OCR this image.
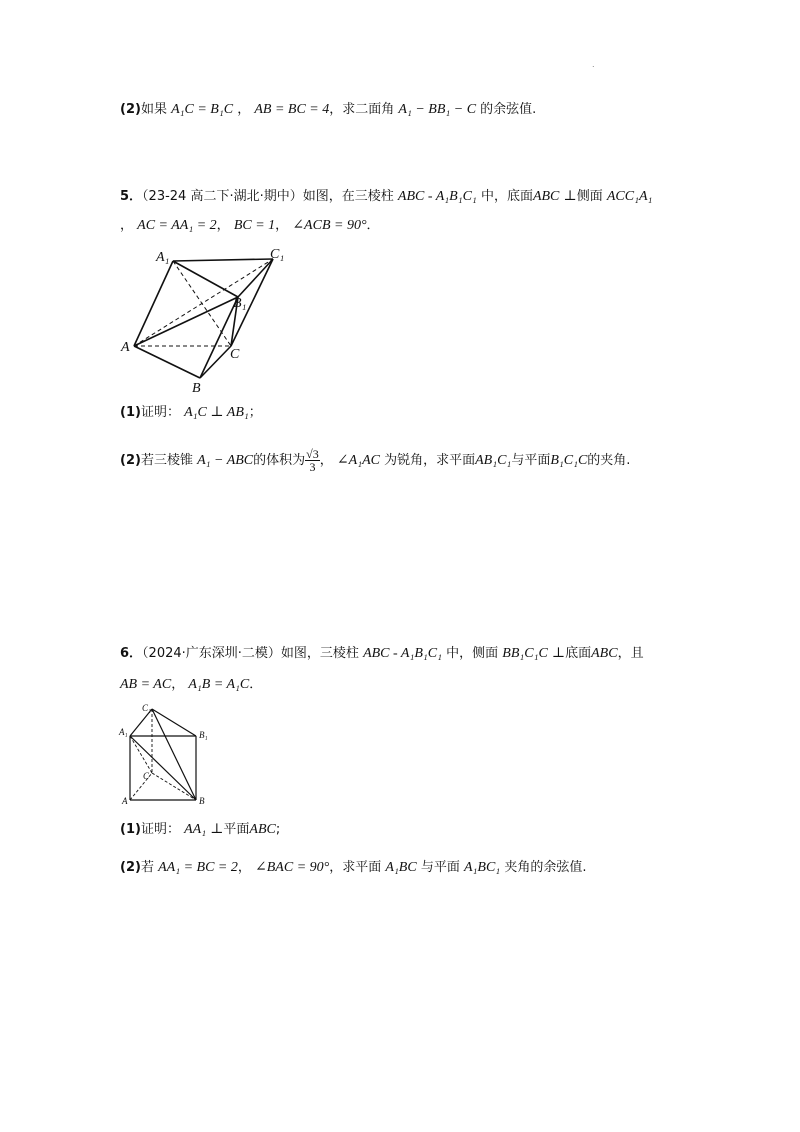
.
(2)如果 A₁C = B₁C ， AB = BC = 4，求二面角 A₁ − BB₁ − C 的余弦值.
5．（23-24 高二下·湖北·期中）如图，在三棱柱 ABC - A₁B₁C₁ 中，底面ABC ⊥侧面 ACC₁A₁
， AC = AA₁ = 2， BC = 1， ∠ACB = 90°．
A₁	C₁
B₁
A	C
B
(1)证明： A₁C ⊥ AB₁；
(2)若三棱锥 A₁ − ABC的体积为 $\frac{√3}{3}$ ， ∠A₁AC 为锐角，求平面AB₁C₁与平面B₁C₁C的夹角.
6．（2024·广东深圳·二模）如图，三棱柱 ABC - A₁B₁C₁ 中，侧面 BB₁C₁C ⊥底面ABC，且
AB = AC， A₁B = A₁C．
C₁
A₁	B₁
C
A	B
(1)证明： AA₁ ⊥平面ABC;
(2)若 AA₁ = BC = 2， ∠BAC = 90°，求平面 A₁BC 与平面 A₁BC₁ 夹角的余弦值.
